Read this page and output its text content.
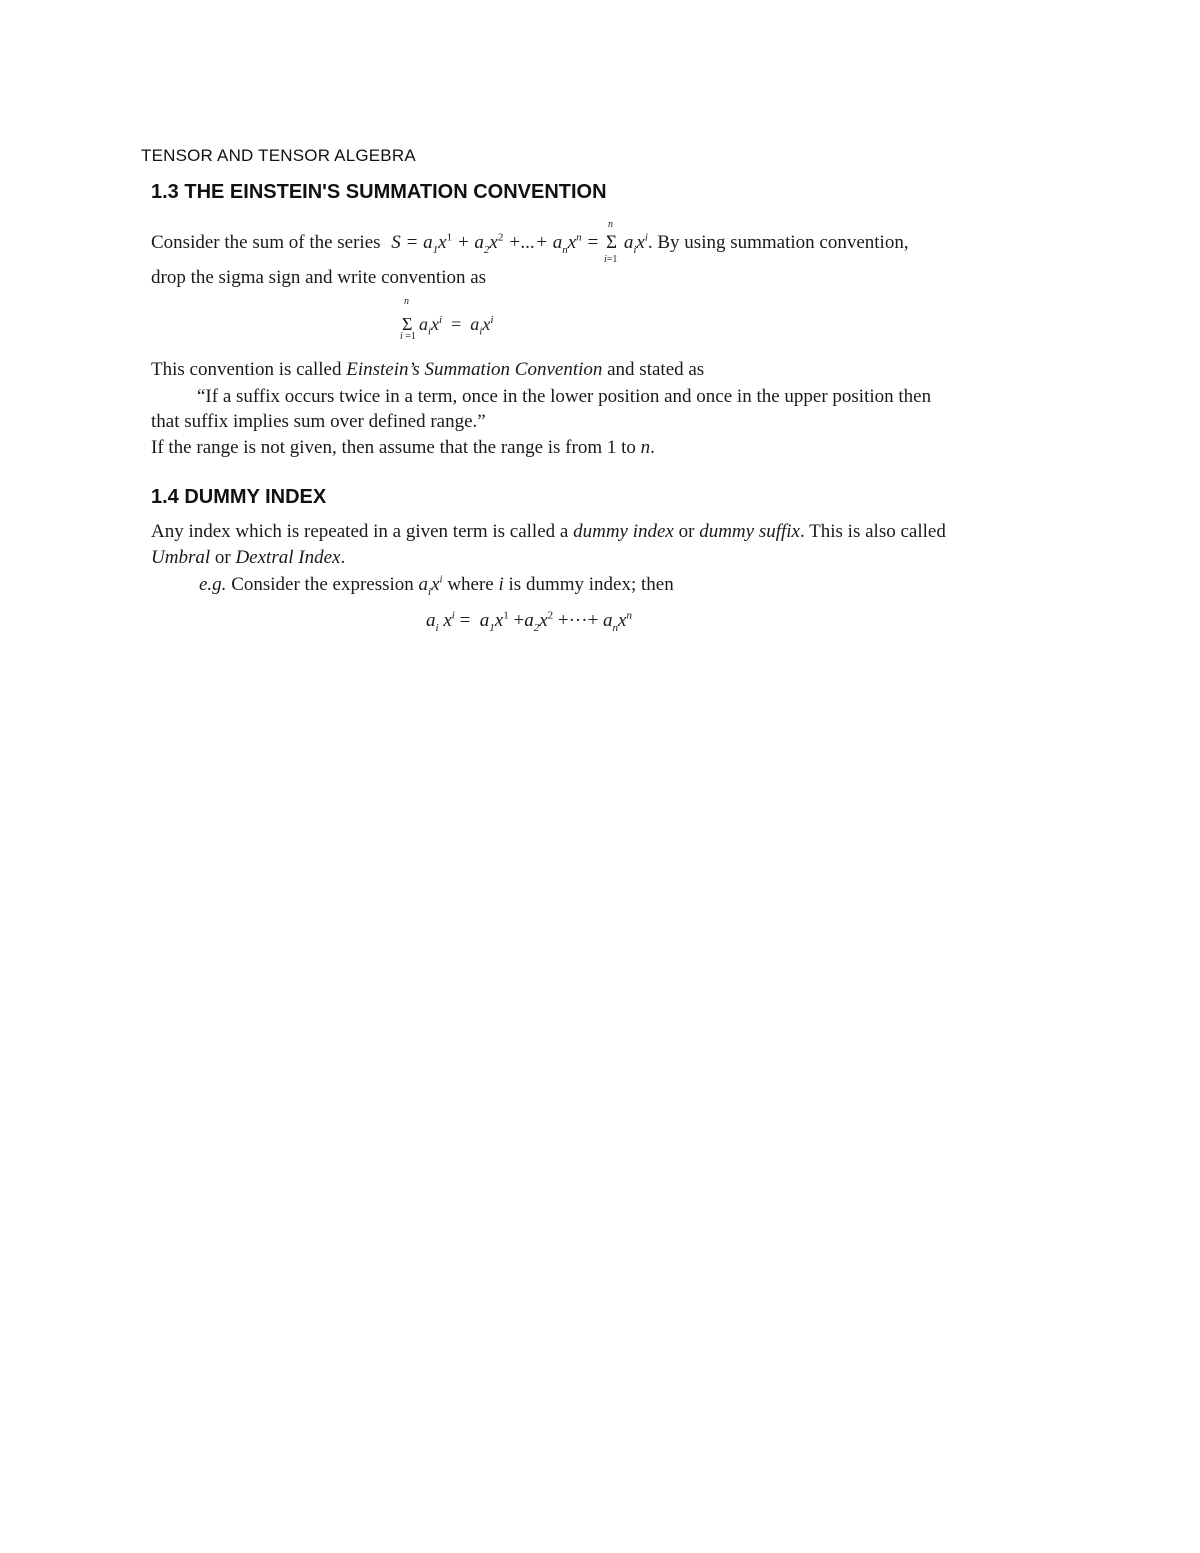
TENSOR AND TENSOR ALGEBRA
1.3 THE EINSTEIN'S SUMMATION CONVENTION
Consider the sum of the series $S = a_1x^1 + a_2x^2$ +...+ $a_nx^n = \Sigma$
n
i=1
$a_ix^i$. By using summation convention,
drop the sigma sign and write convention as
Σ
n
i =1
$a_ix^i = a_ix^i$
This convention is called Einstein’s Summation Convention and stated as
“If a suffix occurs twice in a term, once in the lower position and once in the upper position then
that suffix implies sum over defined range.”
If the range is not given, then assume that the range is from 1 to n.
1.4 DUMMY INDEX
Any index which is repeated in a given term is called a dummy index or dummy suffix. This is also called
Umbral or Dextral Index.
e.g. Consider the expression $a_ix^i$ where i is dummy index; then
$a_i$ $x^i = a_1x^1 +a_2x^2$ +···+ $a_nx^n$
